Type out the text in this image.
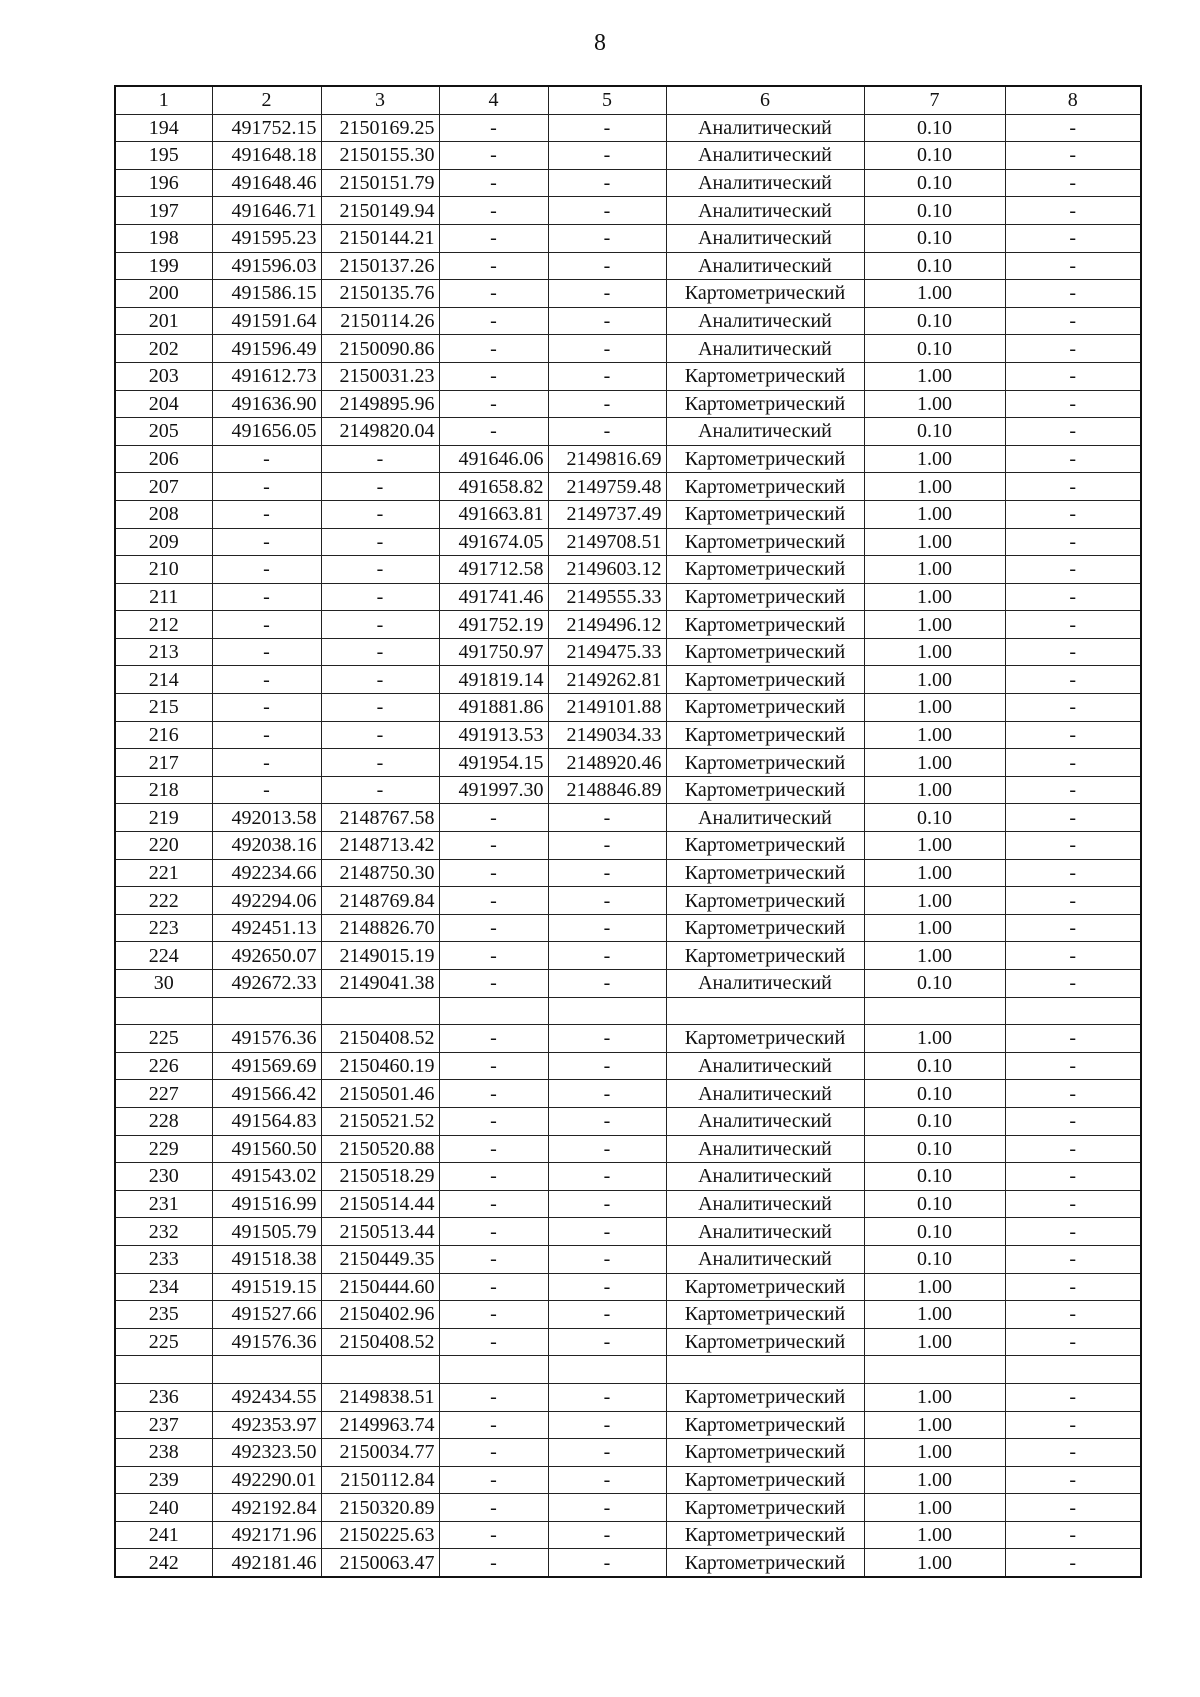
8
1	2	3	4	5	6	7	8
194	491752.15	2150169.25	-	-	Аналитический	0.10	-
195	491648.18	2150155.30	-	-	Аналитический	0.10	-
196	491648.46	2150151.79	-	-	Аналитический	0.10	-
197	491646.71	2150149.94	-	-	Аналитический	0.10	-
198	491595.23	2150144.21	-	-	Аналитический	0.10	-
199	491596.03	2150137.26	-	-	Аналитический	0.10	-
200	491586.15	2150135.76	-	-	Картометрический	1.00	-
201	491591.64	2150114.26	-	-	Аналитический	0.10	-
202	491596.49	2150090.86	-	-	Аналитический	0.10	-
203	491612.73	2150031.23	-	-	Картометрический	1.00	-
204	491636.90	2149895.96	-	-	Картометрический	1.00	-
205	491656.05	2149820.04	-	-	Аналитический	0.10	-
206	-	-	491646.06	2149816.69	Картометрический	1.00	-
207	-	-	491658.82	2149759.48	Картометрический	1.00	-
208	-	-	491663.81	2149737.49	Картометрический	1.00	-
209	-	-	491674.05	2149708.51	Картометрический	1.00	-
210	-	-	491712.58	2149603.12	Картометрический	1.00	-
211	-	-	491741.46	2149555.33	Картометрический	1.00	-
212	-	-	491752.19	2149496.12	Картометрический	1.00	-
213	-	-	491750.97	2149475.33	Картометрический	1.00	-
214	-	-	491819.14	2149262.81	Картометрический	1.00	-
215	-	-	491881.86	2149101.88	Картометрический	1.00	-
216	-	-	491913.53	2149034.33	Картометрический	1.00	-
217	-	-	491954.15	2148920.46	Картометрический	1.00	-
218	-	-	491997.30	2148846.89	Картометрический	1.00	-
219	492013.58	2148767.58	-	-	Аналитический	0.10	-
220	492038.16	2148713.42	-	-	Картометрический	1.00	-
221	492234.66	2148750.30	-	-	Картометрический	1.00	-
222	492294.06	2148769.84	-	-	Картометрический	1.00	-
223	492451.13	2148826.70	-	-	Картометрический	1.00	-
224	492650.07	2149015.19	-	-	Картометрический	1.00	-
30	492672.33	2149041.38	-	-	Аналитический	0.10	-

225	491576.36	2150408.52	-	-	Картометрический	1.00	-
226	491569.69	2150460.19	-	-	Аналитический	0.10	-
227	491566.42	2150501.46	-	-	Аналитический	0.10	-
228	491564.83	2150521.52	-	-	Аналитический	0.10	-
229	491560.50	2150520.88	-	-	Аналитический	0.10	-
230	491543.02	2150518.29	-	-	Аналитический	0.10	-
231	491516.99	2150514.44	-	-	Аналитический	0.10	-
232	491505.79	2150513.44	-	-	Аналитический	0.10	-
233	491518.38	2150449.35	-	-	Аналитический	0.10	-
234	491519.15	2150444.60	-	-	Картометрический	1.00	-
235	491527.66	2150402.96	-	-	Картометрический	1.00	-
225	491576.36	2150408.52	-	-	Картометрический	1.00	-

236	492434.55	2149838.51	-	-	Картометрический	1.00	-
237	492353.97	2149963.74	-	-	Картометрический	1.00	-
238	492323.50	2150034.77	-	-	Картометрический	1.00	-
239	492290.01	2150112.84	-	-	Картометрический	1.00	-
240	492192.84	2150320.89	-	-	Картометрический	1.00	-
241	492171.96	2150225.63	-	-	Картометрический	1.00	-
242	492181.46	2150063.47	-	-	Картометрический	1.00	-
